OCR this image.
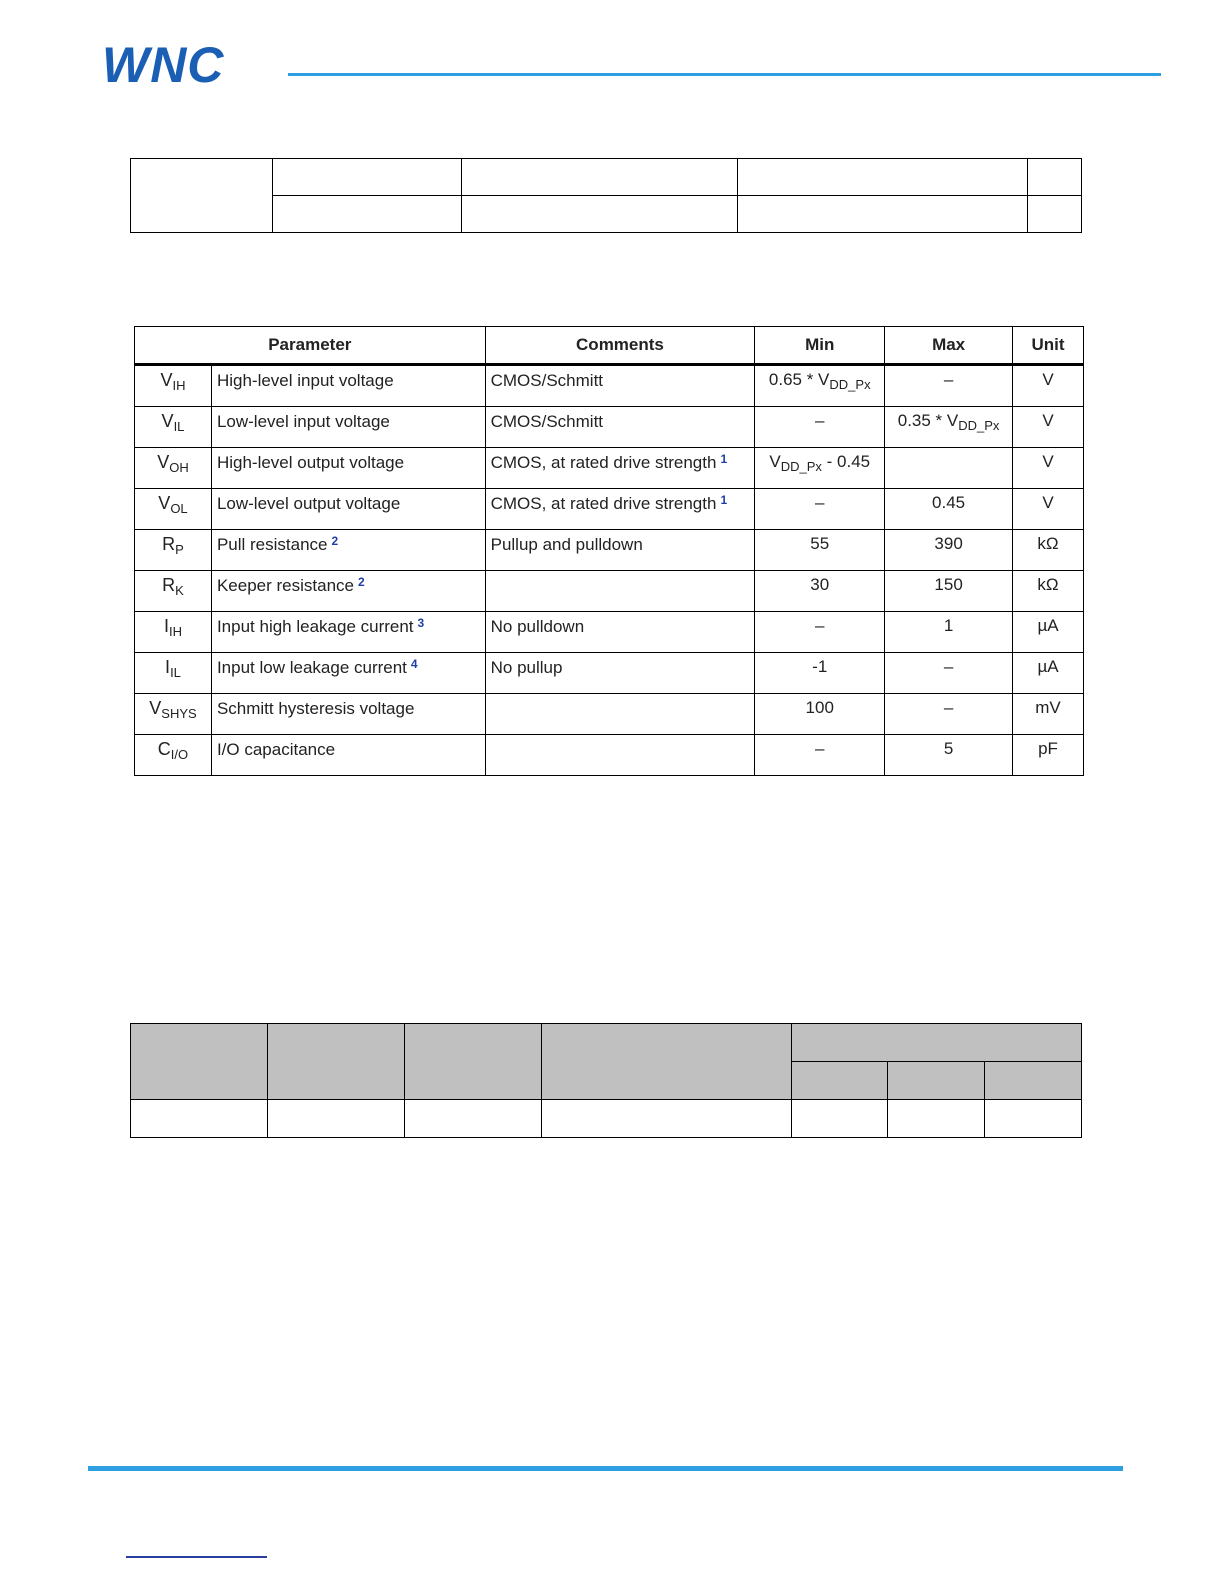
WNC

Parameter		Comments	Min	Max	Unit
$V_{IH}$	High-level input voltage	CMOS/Schmitt	$0.65 * V_{DD\_Px}$	–	V
$V_{IL}$	Low-level input voltage	CMOS/Schmitt	–	$0.35 * V_{DD\_Px}$	V
$V_{OH}$	High-level output voltage	CMOS, at rated drive strength $^1$	$V_{DD\_Px} - 0.45$		V
$V_{OL}$	Low-level output voltage	CMOS, at rated drive strength $^1$	–	0.45	V
$R_P$	Pull resistance $^2$	Pullup and pulldown	55	390	kΩ
$R_K$	Keeper resistance $^2$		30	150	kΩ
$I_{IH}$	Input high leakage current $^3$	No pulldown	–	1	µA
$I_{IL}$	Input low leakage current $^4$	No pullup	-1	–	µA
$V_{SHYS}$	Schmitt hysteresis voltage		100	–	mV
$C_{I/O}$	I/O capacitance		–	5	pF
